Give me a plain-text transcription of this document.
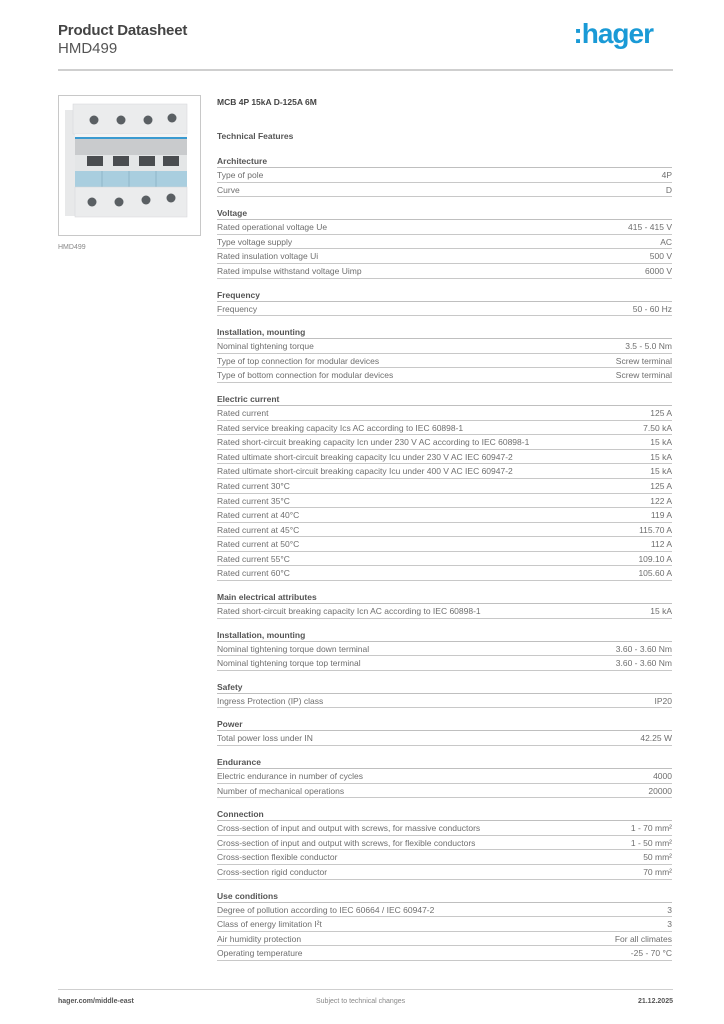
Product Datasheet
HMD499	:hager
HMD499
MCB 4P 15kA D-125A 6M
Technical Features
Architecture
Type of pole	4P
Curve	D
Voltage
Rated operational voltage Ue	415 - 415 V
Type voltage supply	AC
Rated insulation voltage Ui	500 V
Rated impulse withstand voltage Uimp	6000 V
Frequency
Frequency	50 - 60 Hz
Installation, mounting
Nominal tightening torque	3.5 - 5.0 Nm
Type of top connection for modular devices	Screw terminal
Type of bottom connection for modular devices	Screw terminal
Electric current
Rated current	125 A
Rated service breaking capacity Ics AC according to IEC 60898-1	7.50 kA
Rated short-circuit breaking capacity Icn under 230 V AC according to IEC 60898-1	15 kA
Rated ultimate short-circuit breaking capacity Icu under 230 V AC IEC 60947-2	15 kA
Rated ultimate short-circuit breaking capacity Icu under 400 V AC IEC 60947-2	15 kA
Rated current 30°C	125 A
Rated current 35°C	122 A
Rated current at 40°C	119 A
Rated current at 45°C	115.70 A
Rated current at 50°C	112 A
Rated current 55°C	109.10 A
Rated current 60°C	105.60 A
Main electrical attributes
Rated short-circuit breaking capacity Icn AC according to IEC 60898-1	15 kA
Installation, mounting
Nominal tightening torque down terminal	3.60 - 3.60 Nm
Nominal tightening torque top terminal	3.60 - 3.60 Nm
Safety
Ingress Protection (IP) class	IP20
Power
Total power loss under IN	42.25 W
Endurance
Electric endurance in number of cycles	4000
Number of mechanical operations	20000
Connection
Cross-section of input and output with screws, for massive conductors	1 - 70 mm²
Cross-section of input and output with screws, for flexible conductors	1 - 50 mm²
Cross-section flexible conductor	50 mm²
Cross-section rigid conductor	70 mm²
Use conditions
Degree of pollution according to IEC 60664 / IEC 60947-2	3
Class of energy limitation I²t	3
Air humidity protection	For all climates
Operating temperature	-25 - 70 °C
hager.com/middle-east	Subject to technical changes	21.12.2025
